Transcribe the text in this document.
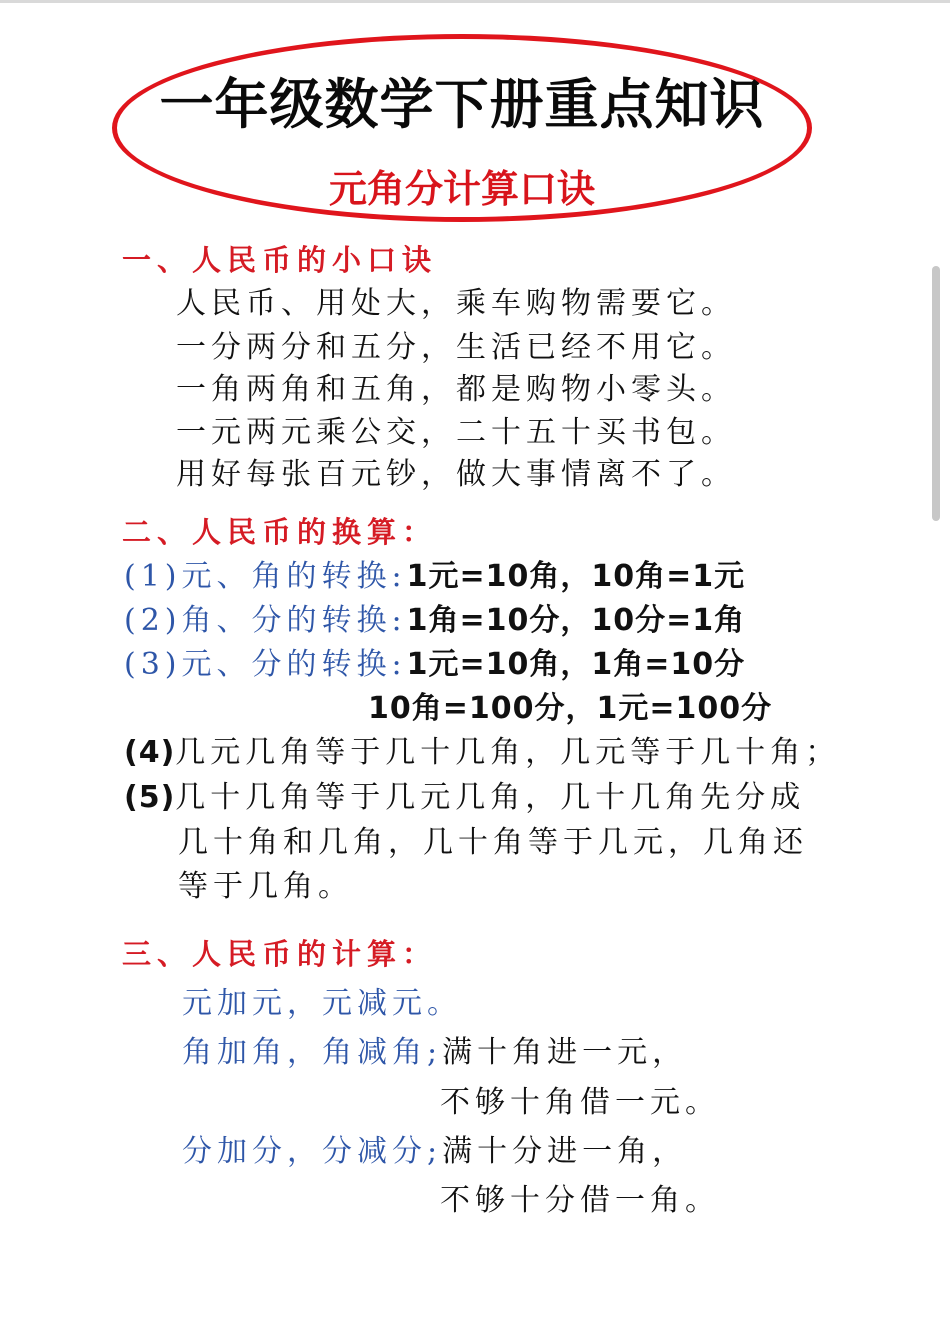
一年级数学下册重点知识
元角分计算口诀
一、人民币的小口诀
人民币、用处大，乘车购物需要它。
一分两分和五分，生活已经不用它。
一角两角和五角，都是购物小零头。
一元两元乘公交，二十五十买书包。
用好每张百元钞，做大事情离不了。
二、人民币的换算：
(1)元、角的转换:1元=10角，10角=1元
(2)角、分的转换:1角=10分，10分=1角
(3)元、分的转换:1元=10角，1角=10分
10角=100分，1元=100分
(4)几元几角等于几十几角，几元等于几十角；
(5)几十几角等于几元几角，几十几角先分成
几十角和几角，几十角等于几元，几角还
等于几角。
三、人民币的计算：
元加元，元减元。
角加角，角减角;满十角进一元，
不够十角借一元。
分加分，分减分;满十分进一角，
不够十分借一角。
